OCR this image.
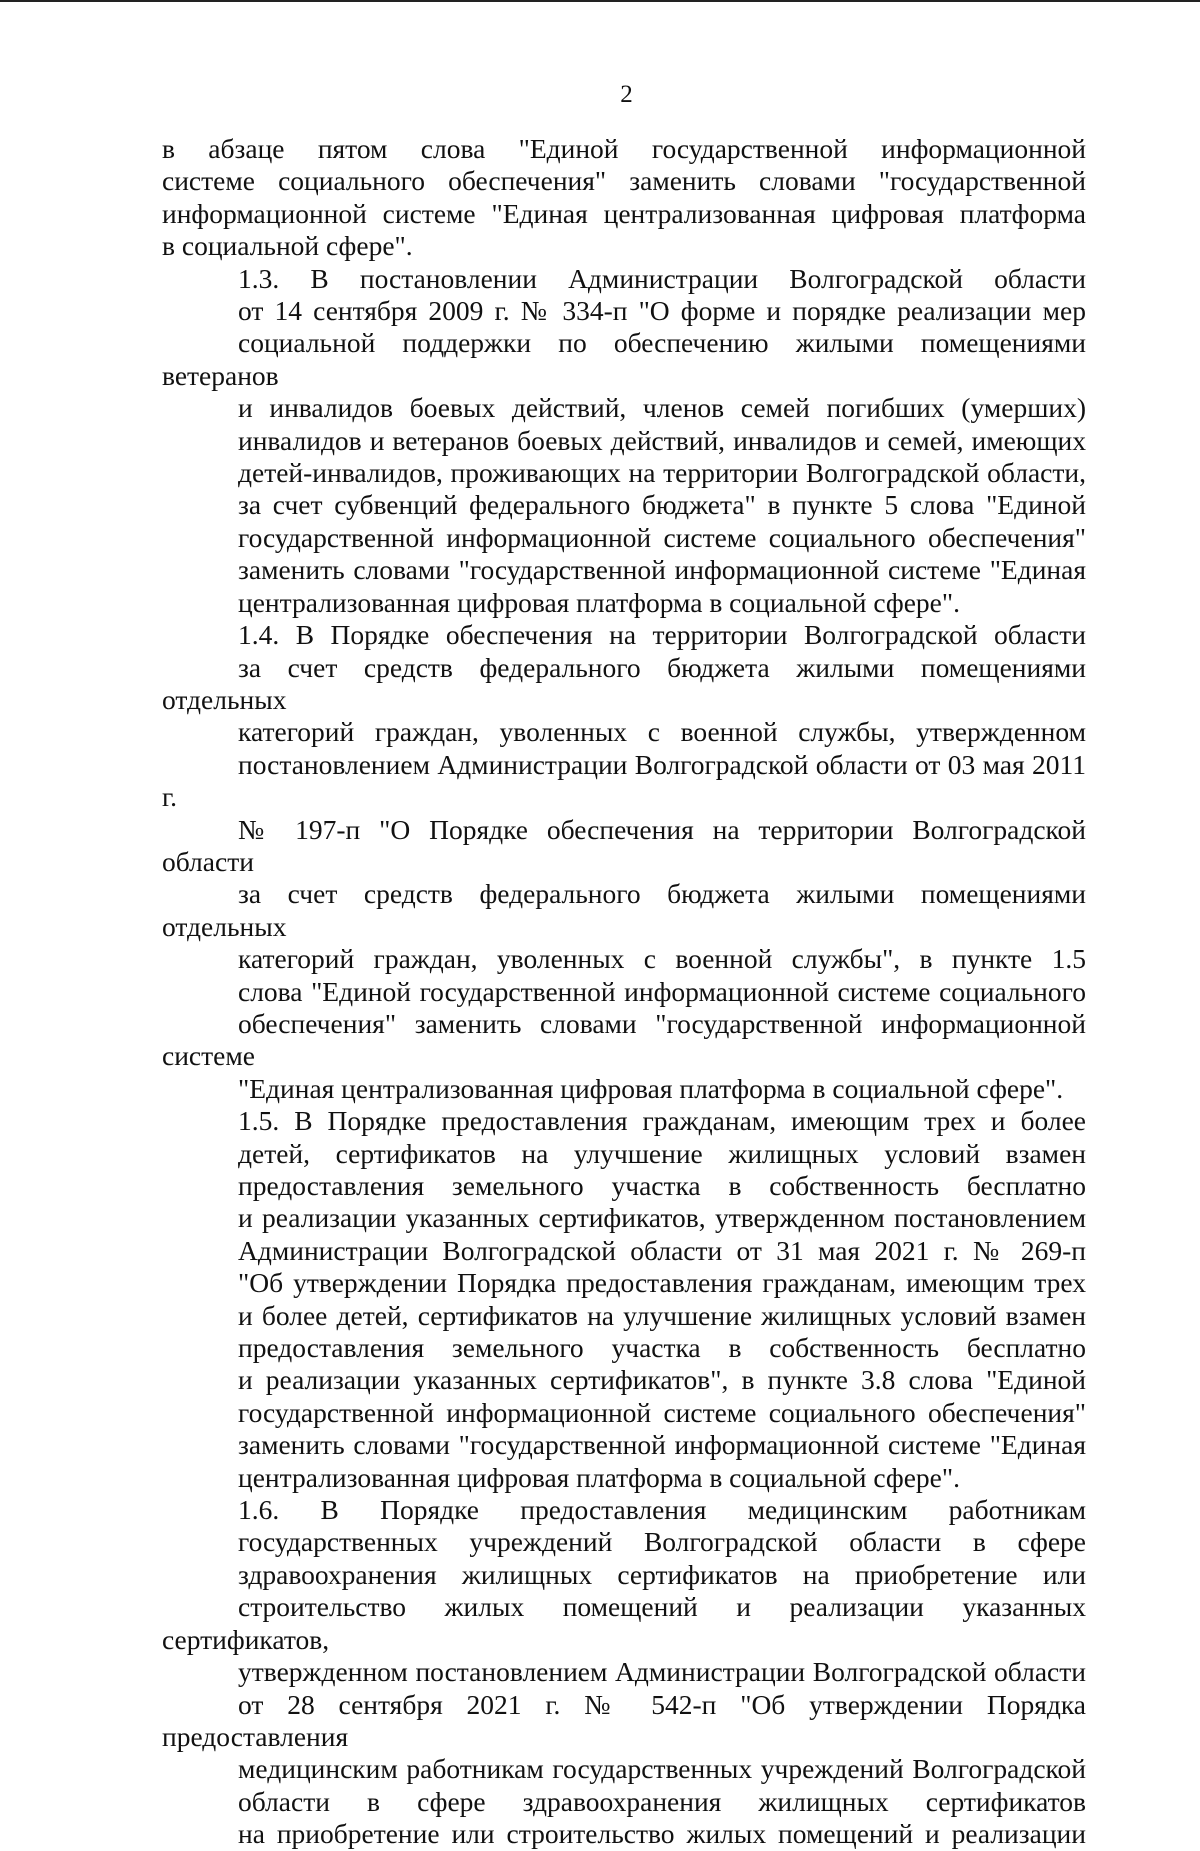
2

в абзаце пятом слова "Единой государственной информационной
системе социального обеспечения" заменить словами "государственной
информационной системе "Единая централизованная цифровая платформа
в социальной сфере".

1.3. В постановлении Администрации Волгоградской области
от 14 сентября 2009 г. № 334-п "О форме и порядке реализации мер
социальной поддержки по обеспечению жилыми помещениями ветеранов
и инвалидов боевых действий, членов семей погибших (умерших)
инвалидов и ветеранов боевых действий, инвалидов и семей, имеющих
детей-инвалидов, проживающих на территории Волгоградской области,
за счет субвенций федерального бюджета" в пункте 5 слова "Единой
государственной информационной системе социального обеспечения"
заменить словами "государственной информационной системе "Единая
централизованная цифровая платформа в социальной сфере".

1.4. В Порядке обеспечения на территории Волгоградской области
за счет средств федерального бюджета жилыми помещениями отдельных
категорий граждан, уволенных с военной службы, утвержденном
постановлением Администрации Волгоградской области от 03 мая 2011 г.
№ 197-п "О Порядке обеспечения на территории Волгоградской области
за счет средств федерального бюджета жилыми помещениями отдельных
категорий граждан, уволенных с военной службы", в пункте 1.5
слова "Единой государственной информационной системе социального
обеспечения" заменить словами "государственной информационной системе
"Единая централизованная цифровая платформа в социальной сфере".

1.5. В Порядке предоставления гражданам, имеющим трех и более
детей, сертификатов на улучшение жилищных условий взамен
предоставления земельного участка в собственность бесплатно
и реализации указанных сертификатов, утвержденном постановлением
Администрации Волгоградской области от 31 мая 2021 г. № 269-п
"Об утверждении Порядка предоставления гражданам, имеющим трех
и более детей, сертификатов на улучшение жилищных условий взамен
предоставления земельного участка в собственность бесплатно
и реализации указанных сертификатов", в пункте 3.8 слова "Единой
государственной информационной системе социального обеспечения"
заменить словами "государственной информационной системе "Единая
централизованная цифровая платформа в социальной сфере".

1.6. В Порядке предоставления медицинским работникам
государственных учреждений Волгоградской области в сфере
здравоохранения жилищных сертификатов на приобретение или
строительство жилых помещений и реализации указанных сертификатов,
утвержденном постановлением Администрации Волгоградской области
от 28 сентября 2021 г. № 542-п "Об утверждении Порядка предоставления
медицинским работникам государственных учреждений Волгоградской
области в сфере здравоохранения жилищных сертификатов
на приобретение или строительство жилых помещений и реализации
